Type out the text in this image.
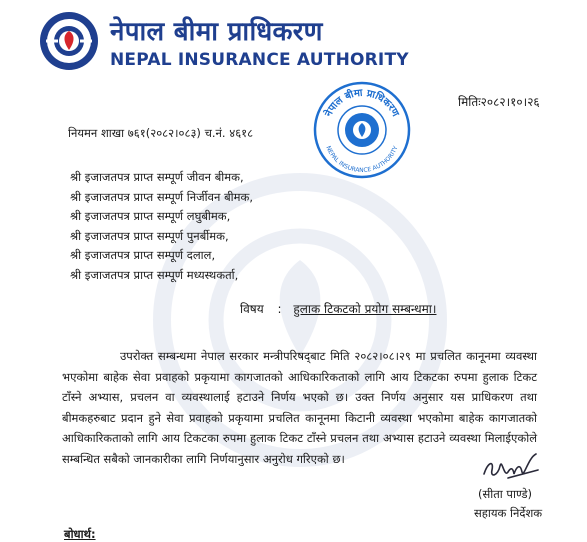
नेपाल बीमा प्राधिकरण
NEPAL INSURANCE AUTHORITY
नेपाल बीमा प्राधिकरण
NEPAL INSURANCE AUTHORITY
मितिः२०८२।१०।२६
नियमन शाखा ७६१(२०८२।०८३) च.नं. ४६१८
श्री इजाजतपत्र प्राप्त सम्पूर्ण जीवन बीमक,
श्री इजाजतपत्र प्राप्त सम्पूर्ण निर्जीवन बीमक,
श्री इजाजतपत्र प्राप्त सम्पूर्ण लघुबीमक,
श्री इजाजतपत्र प्राप्त सम्पूर्ण पुनर्बीमक,
श्री इजाजतपत्र प्राप्त सम्पूर्ण दलाल,
श्री इजाजतपत्र प्राप्त सम्पूर्ण मध्यस्थकर्ता,
विषय : हुलाक टिकटको प्रयोग सम्बन्धमा।

उपरोक्त सम्बन्धमा नेपाल सरकार मन्त्रीपरिषद्‌बाट मिति २०८२।०८।२९ मा प्रचलित कानूनमा व्यवस्था भएकोमा बाहेक सेवा प्रवाहको प्रकृयामा कागजातको आधिकारिकताको लागि आय टिकटका रुपमा हुलाक टिकट टाँस्ने अभ्यास, प्रचलन वा व्यवस्थालाई हटाउने निर्णय भएको छ। उक्त निर्णय अनुसार यस प्राधिकरण तथा बीमकहरुबाट प्रदान हुने सेवा प्रवाहको प्रकृयामा प्रचलित कानूनमा किटानी व्यवस्था भएकोमा बाहेक कागजातको आधिकारिकताको लागि आय टिकटका रुपमा हुलाक टिकट टाँस्ने प्रचलन तथा अभ्यास हटाउने व्यवस्था मिलाईएकोले सम्बन्धित सबैको जानकारीका लागि निर्णयानुसार अनुरोध गरिएको छ।

(सीता पाण्डे)
सहायक निर्देशक
बोधार्थ:
